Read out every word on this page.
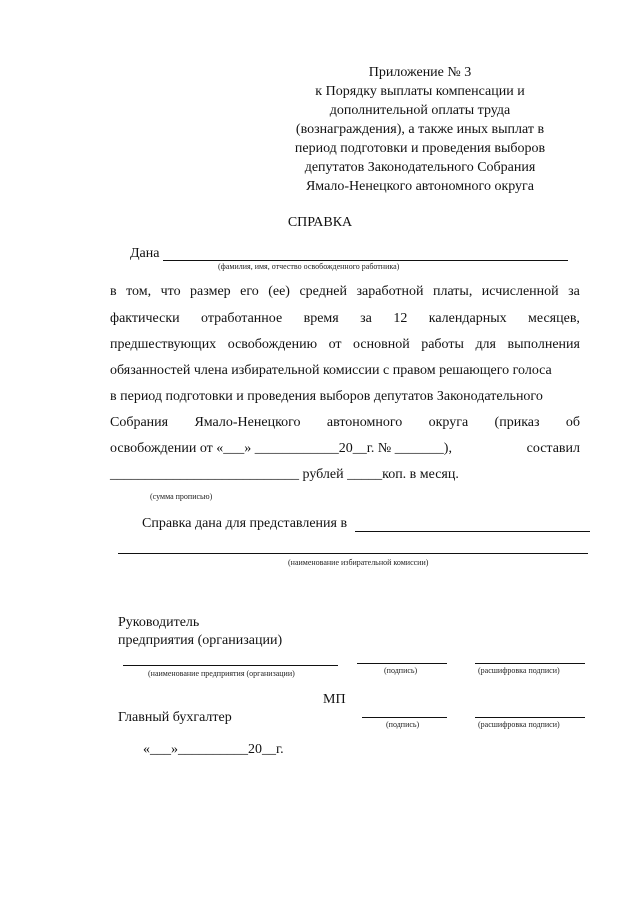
Приложение № 3
к Порядку выплаты компенсации и
дополнительной оплаты труда
(вознаграждения), а также иных выплат в
период подготовки и проведения выборов
депутатов Законодательного Собрания
Ямало-Ненецкого автономного округа
СПРАВКА
Дана
(фамилия, имя, отчество освобожденного работника)
в том, что размер его (ее) средней заработной платы, исчисленной за
фактически отработанное время за 12 календарных месяцев,
предшествующих освобождению от основной работы для выполнения
обязанностей члена избирательной комиссии с правом решающего голоса
в период подготовки и проведения выборов депутатов Законодательного
Собрания Ямало-Ненецкого автономного округа (приказ об
освобождении от «___» ____________20__г. № _______),	составил
___________________________ рублей _____коп. в месяц.
(сумма прописью)
Справка дана для представления в
(наименование избирательной комиссии)
Руководитель
предприятия (организации)
(наименование предприятия (организации)	(подпись)	(расшифровка подписи)
МП
Главный бухгалтер	(подпись)	(расшифровка подписи)
«___»__________20__г.
